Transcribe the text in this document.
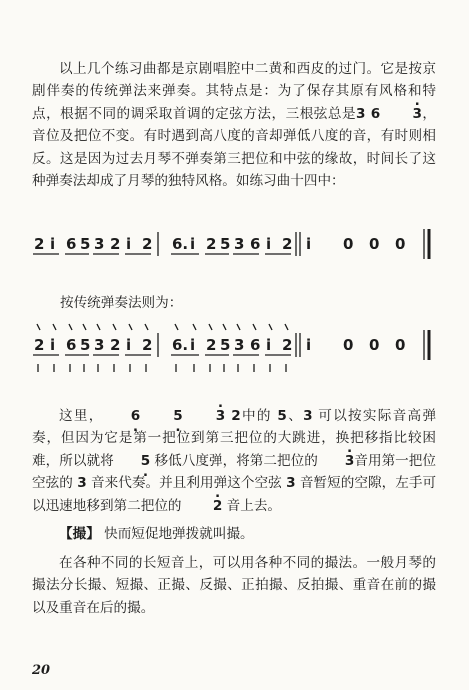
以上几个练习曲都是京剧唱腔中二黄和西皮的过门。它是按京剧伴奏的传统弹法来弹奏。其特点是：为了保存其原有风格和特点，根据不同的调采取首调的定弦方法，三根弦总是3 6 . 3，音位及把位不变。有时遇到高八度的音却弹低八度的音，有时则相反。这是因为过去月琴不弹奏第三把位和中弦的缘故，时间长了这种弹奏法却成了月琴的独特风格。如练习曲十四中：

2 i 6 5 3 2 i 2 6. i 2 5 3 6 i 2 i 0 0 0
2 i 6 5 3 2 i 2 6. i 2 5 3 6 i 2 i 0 0 0

按传统弹奏法则为：

这里， 6 . 5 . . 3 2中的 5、3 可以按实际音高弹奏，但因为它是第一把位到第三把位的大跳进，换把移指比较困难，所以就将 5 . 移低八度弹，将第二把位的 . 3音用第一把位空弦的 3 音来代奏。并且利用弹这个空弦 3 音暂短的空隙，左手可以迅速地移到第二把位的 . 2 音上去。

【撮】 快而短促地弹拨就叫撮。

在各种不同的长短音上，可以用各种不同的撮法。一般月琴的撮法分长撮、短撮、正撮、反撮、正拍撮、反拍撮、重音在前的撮以及重音在后的撮。

20
